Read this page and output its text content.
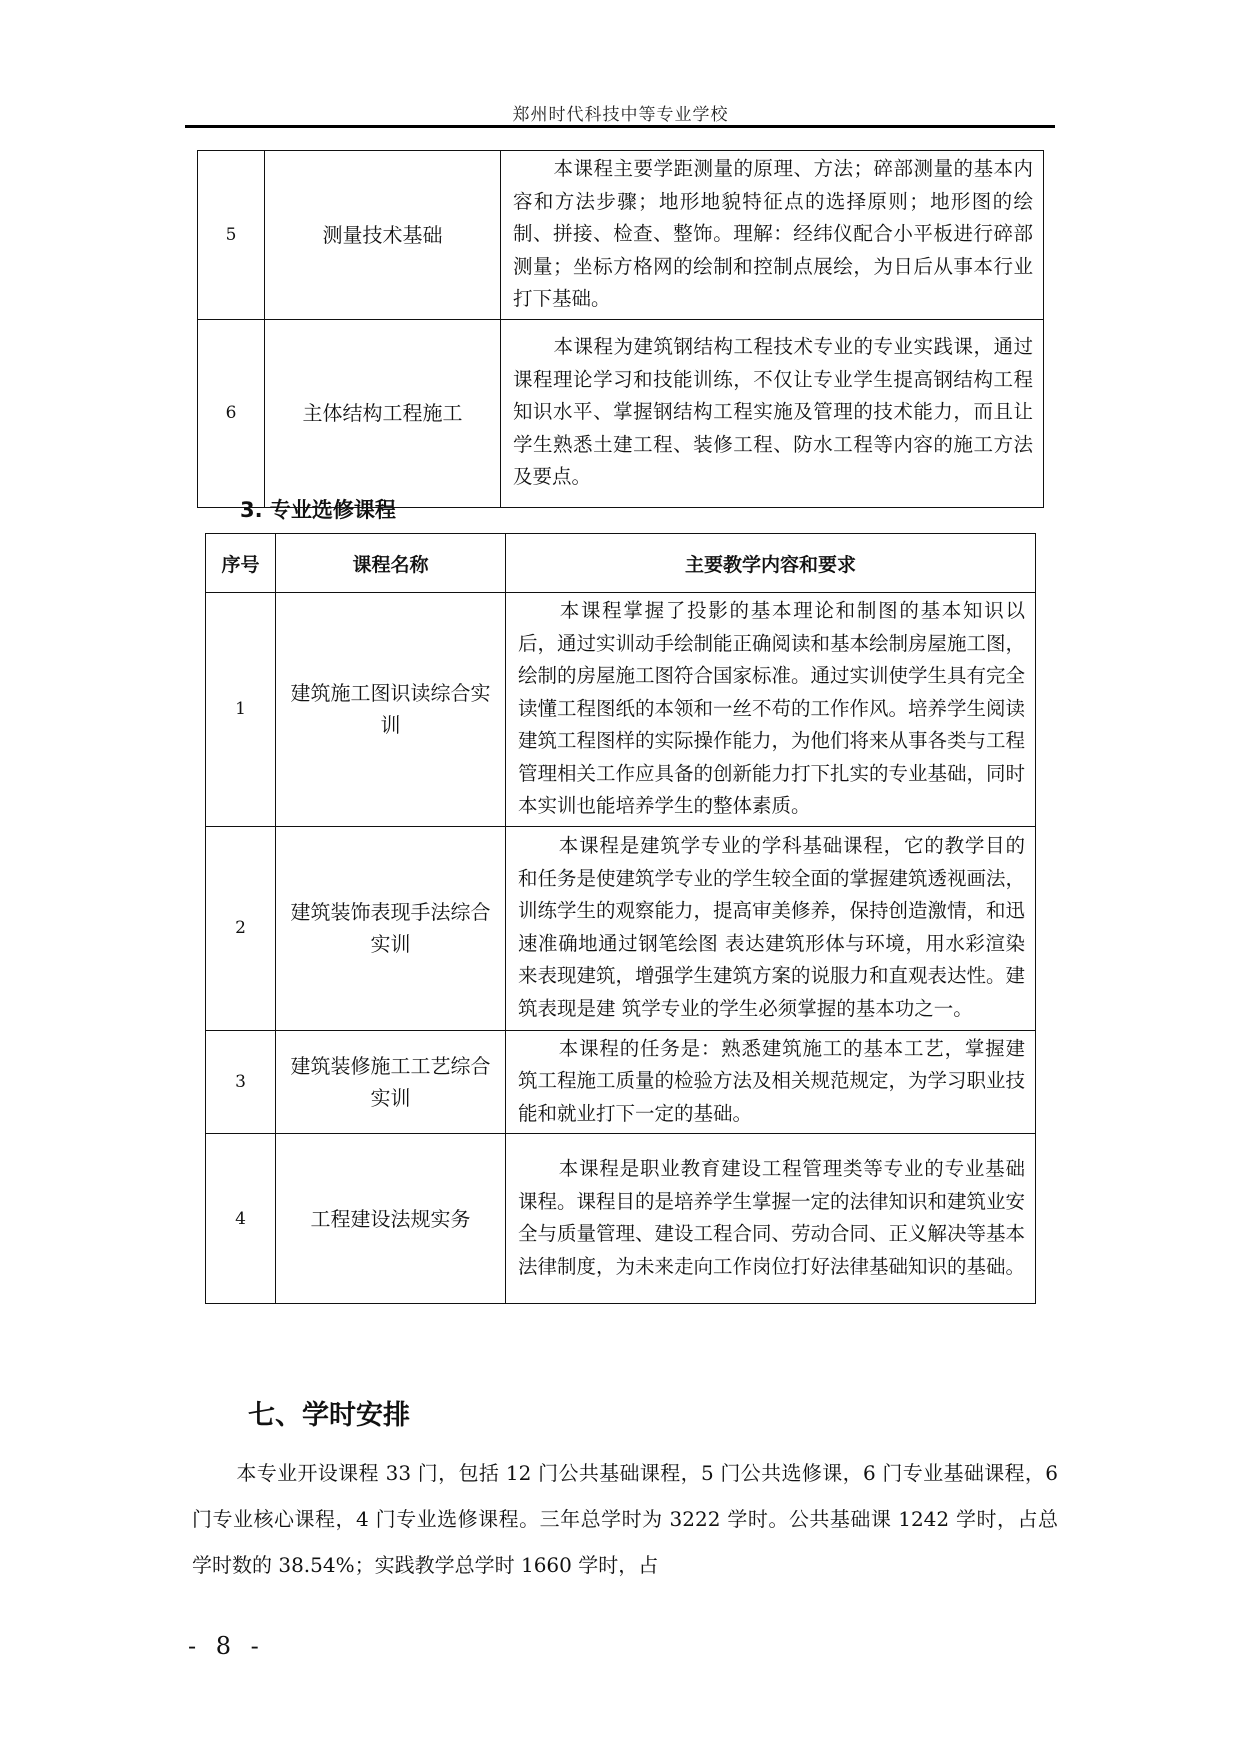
郑州时代科技中等专业学校
5	测量技术基础	本课程主要学距测量的原理、方法；碎部测量的基本内容和方法步骤；地形地貌特征点的选择原则；地形图的绘制、拼接、检查、整饰。理解：经纬仪配合小平板进行碎部测量；坐标方格网的绘制和控制点展绘，为日后从事本行业打下基础。
6	主体结构工程施工	本课程为建筑钢结构工程技术专业的专业实践课，通过课程理论学习和技能训练，不仅让专业学生提高钢结构工程知识水平、掌握钢结构工程实施及管理的技术能力，而且让学生熟悉土建工程、装修工程、防水工程等内容的施工方法及要点。
3. 专业选修课程
序号	课程名称	主要教学内容和要求
1	建筑施工图识读综合实训	本课程掌握了投影的基本理论和制图的基本知识以后，通过实训动手绘制能正确阅读和基本绘制房屋施工图，绘制的房屋施工图符合国家标准。通过实训使学生具有完全读懂工程图纸的本领和一丝不苟的工作作风。培养学生阅读建筑工程图样的实际操作能力，为他们将来从事各类与工程管理相关工作应具备的创新能力打下扎实的专业基础，同时本实训也能培养学生的整体素质。
2	建筑装饰表现手法综合实训	本课程是建筑学专业的学科基础课程，它的教学目的和任务是使建筑学专业的学生较全面的掌握建筑透视画法，训练学生的观察能力，提高审美修养，保持创造激情，和迅速准确地通过钢笔绘图 表达建筑形体与环境，用水彩渲染来表现建筑，增强学生建筑方案的说服力和直观表达性。建筑表现是建 筑学专业的学生必须掌握的基本功之一。
3	建筑装修施工工艺综合实训	本课程的任务是：熟悉建筑施工的基本工艺，掌握建筑工程施工质量的检验方法及相关规范规定，为学习职业技能和就业打下一定的基础。
4	工程建设法规实务	本课程是职业教育建设工程管理类等专业的专业基础课程。课程目的是培养学生掌握一定的法律知识和建筑业安全与质量管理、建设工程合同、劳动合同、正义解决等基本法律制度，为未来走向工作岗位打好法律基础知识的基础。
七、学时安排
本专业开设课程 33 门，包括 12 门公共基础课程，5 门公共选修课，6 门专业基础课程，6 门专业核心课程，4 门专业选修课程。三年总学时为 3222 学时。公共基础课 1242 学时，占总学时数的 38.54%；实践教学总学时 1660 学时，占
- 8 -
